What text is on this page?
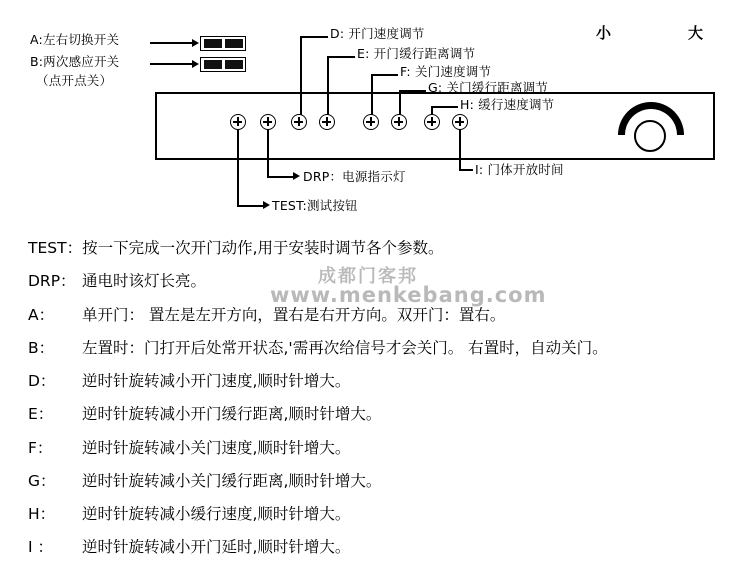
小	大
A:左右切换开关
B:两次感应开关
（点开点关）
D: 开门速度调节
E: 开门缓行距离调节
F: 关门速度调节
G: 关门缓行距离调节
H: 缓行速度调节
I: 门体开放时间
DRP：电源指示灯
TEST:测试按钮
成都门客邦
www.menkebang.com
TEST： 按一下完成一次开门动作,用于安装时调节各个参数。
DRP： 通电时该灯长亮。
A：	单开门： 置左是左开方向，置右是右开方向。双开门：置右。
B：	左置时：门打开后处常开状态,'需再次给信号才会关门。 右置时，自动关门。
D：	逆时针旋转减小开门速度,顺时针增大。
E：	逆时针旋转减小开门缓行距离,顺时针增大。
F：	逆时针旋转减小关门速度,顺时针增大。
G：	逆时针旋转减小关门缓行距离,顺时针增大。
H：	逆时针旋转减小缓行速度,顺时针增大。
I ：	逆时针旋转减小开门延时,顺时针增大。
